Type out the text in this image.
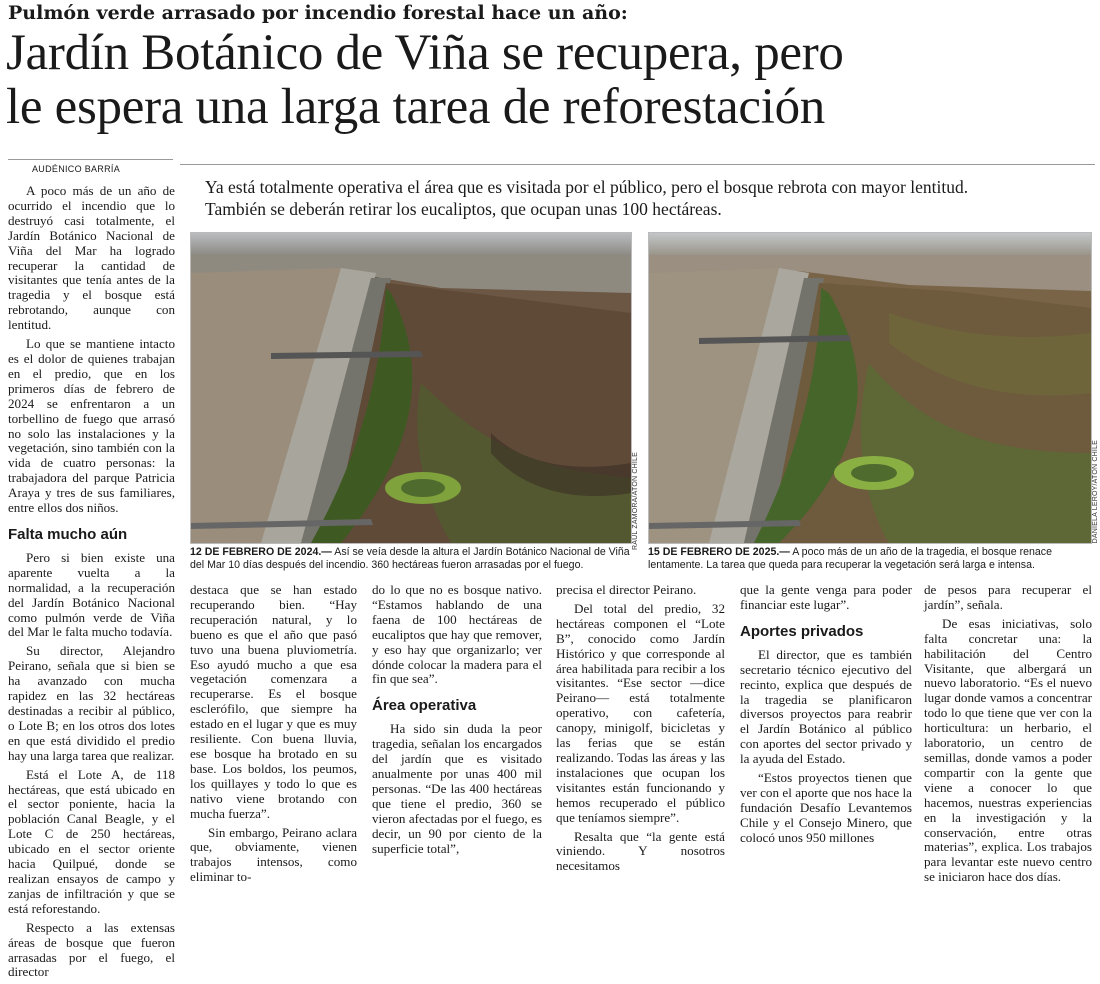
Pulmón verde arrasado por incendio forestal hace un año:
Jardín Botánico de Viña se recupera, pero
le espera una larga tarea de reforestación
AUDÉNICO BARRÍA
Ya está totalmente operativa el área que es visitada por el público, pero el bosque rebrota con mayor lentitud. También se deberán retirar los eucaliptos, que ocupan unas 100 hectáreas.

A poco más de un año de ocurrido el incendio que lo destruyó casi totalmente, el Jardín Botánico Nacional de Viña del Mar ha logrado recuperar la cantidad de visitantes que tenía antes de la tragedia y el bosque está rebrotando, aunque con lentitud.

Lo que se mantiene intacto es el dolor de quienes trabajan en el predio, que en los primeros días de febrero de 2024 se enfrentaron a un torbellino de fuego que arrasó no solo las instalaciones y la vegetación, sino también con la vida de cuatro personas: la trabajadora del parque Patricia Araya y tres de sus familiares, entre ellos dos niños.

Falta mucho aún

Pero si bien existe una aparente vuelta a la normalidad, a la recuperación del Jardín Botánico Nacional como pulmón verde de Viña del Mar le falta mucho todavía.

Su director, Alejandro Peirano, señala que si bien se ha avanzado con mucha rapidez en las 32 hectáreas destinadas a recibir al público, o Lote B; en los otros dos lotes en que está dividido el predio hay una larga tarea que realizar.

Está el Lote A, de 118 hectáreas, que está ubicado en el sector poniente, hacia la población Canal Beagle, y el Lote C de 250 hectáreas, ubicado en el sector oriente hacia Quilpué, donde se realizan ensayos de campo y zanjas de infiltración y que se está reforestando.

Respecto a las extensas áreas de bosque que fueron arrasadas por el fuego, el director

RAÚL ZAMORA/ATON CHILE
12 DE FEBRERO DE 2024.— Así se veía desde la altura el Jardín Botánico Nacional de Viña del Mar 10 días después del incendio. 360 hectáreas fueron arrasadas por el fuego.
DANIELA LEROY/ATON CHILE
15 DE FEBRERO DE 2025.— A poco más de un año de la tragedia, el bosque renace lentamente. La tarea que queda para recuperar la vegetación será larga e intensa.

destaca que se han estado recuperando bien. “Hay recuperación natural, y lo bueno es que el año que pasó tuvo una buena pluviometría. Eso ayudó mucho a que esa vegetación comenzara a recuperarse. Es el bosque esclerófilo, que siempre ha estado en el lugar y que es muy resiliente. Con buena lluvia, ese bosque ha brotado en su base. Los boldos, los peumos, los quillayes y todo lo que es nativo viene brotando con mucha fuerza”.

Sin embargo, Peirano aclara que, obviamente, vienen trabajos intensos, como eliminar to-

do lo que no es bosque nativo. “Estamos hablando de una faena de 100 hectáreas de eucaliptos que hay que remover, y eso hay que organizarlo; ver dónde colocar la madera para el fin que sea”.

Área operativa

Ha sido sin duda la peor tragedia, señalan los encargados del jardín que es visitado anualmente por unas 400 mil personas. “De las 400 hectáreas que tiene el predio, 360 se vieron afectadas por el fuego, es decir, un 90 por ciento de la superficie total”,

precisa el director Peirano.

Del total del predio, 32 hectáreas componen el “Lote B”, conocido como Jardín Histórico y que corresponde al área habilitada para recibir a los visitantes. “Ese sector —dice Peirano— está totalmente operativo, con cafetería, canopy, minigolf, bicicletas y las ferias que se están realizando. Todas las áreas y las instalaciones que ocupan los visitantes están funcionando y hemos recuperado el público que teníamos siempre”.

Resalta que “la gente está viniendo. Y nosotros necesitamos

que la gente venga para poder financiar este lugar”.

Aportes privados

El director, que es también secretario técnico ejecutivo del recinto, explica que después de la tragedia se planificaron diversos proyectos para reabrir el Jardín Botánico al público con aportes del sector privado y la ayuda del Estado.

“Estos proyectos tienen que ver con el aporte que nos hace la fundación Desafío Levantemos Chile y el Consejo Minero, que colocó unos 950 millones

de pesos para recuperar el jardín”, señala.

De esas iniciativas, solo falta concretar una: la habilitación del Centro Visitante, que albergará un nuevo laboratorio. “Es el nuevo lugar donde vamos a concentrar todo lo que tiene que ver con la horticultura: un herbario, el laboratorio, un centro de semillas, donde vamos a poder compartir con la gente que viene a conocer lo que hacemos, nuestras experiencias en la investigación y la conservación, entre otras materias”, explica. Los trabajos para levantar este nuevo centro se iniciaron hace dos días.
